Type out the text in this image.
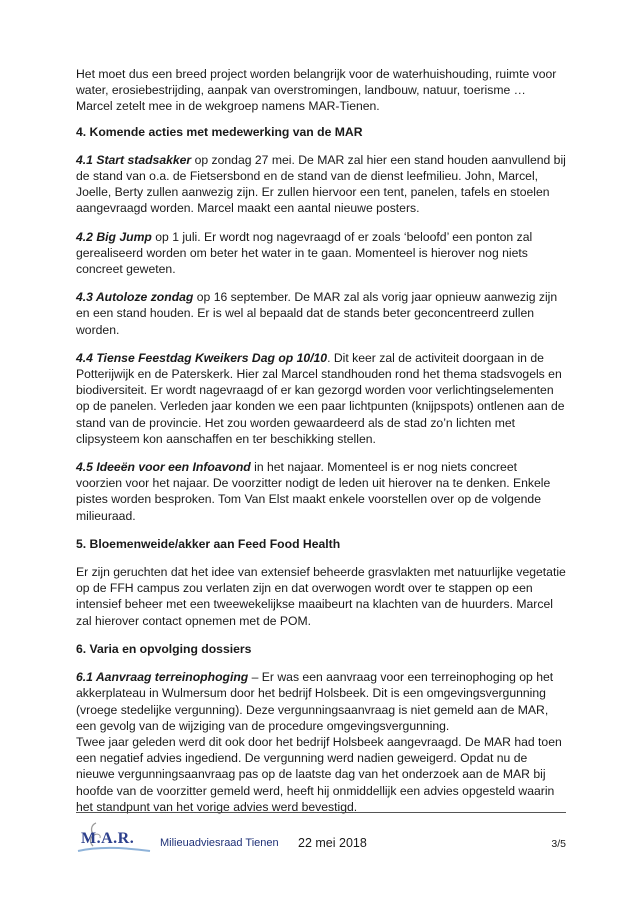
Het moet dus een breed project worden belangrijk voor de waterhuishouding, ruimte voor water, erosiebestrijding, aanpak van overstromingen, landbouw, natuur, toerisme …

Marcel zetelt mee in de wekgroep namens MAR-Tienen.

4. Komende acties met medewerking van de MAR

4.1 Start stadsakker op zondag 27 mei. De MAR zal hier een stand houden aanvullend bij de stand van o.a. de Fietsersbond en de stand van de dienst leefmilieu. John, Marcel, Joelle, Berty zullen aanwezig zijn. Er zullen hiervoor een tent, panelen, tafels en stoelen aangevraagd worden. Marcel maakt een aantal nieuwe posters.

4.2 Big Jump op 1 juli. Er wordt nog nagevraagd of er zoals ‘beloofd’ een ponton zal gerealiseerd worden om beter het water in te gaan. Momenteel is hierover nog niets concreet geweten.

4.3 Autoloze zondag op 16 september. De MAR zal als vorig jaar opnieuw aanwezig zijn en een stand houden. Er is wel al bepaald dat de stands beter geconcentreerd zullen worden.

4.4 Tiense Feestdag Kweikers Dag op 10/10. Dit keer zal de activiteit doorgaan in de Potterijwijk en de Paterskerk. Hier zal Marcel standhouden rond het thema stadsvogels en biodiversiteit. Er wordt nagevraagd of er kan gezorgd worden voor verlichtingselementen op de panelen. Verleden jaar konden we een paar lichtpunten (knijpspots) ontlenen aan de stand van de provincie. Het zou worden gewaardeerd als de stad zo’n lichten met clipsysteem kon aanschaffen en ter beschikking stellen.

4.5 Ideeën voor een Infoavond in het najaar. Momenteel is er nog niets concreet voorzien voor het najaar. De voorzitter nodigt de leden uit hierover na te denken. Enkele pistes worden besproken. Tom Van Elst maakt enkele voorstellen over op de volgende milieuraad.

5. Bloemenweide/akker aan Feed Food Health

Er zijn geruchten dat het idee van extensief beheerde grasvlakten met natuurlijke vegetatie op de FFH campus zou verlaten zijn en dat overwogen wordt over te stappen op een intensief beheer met een tweewekelijkse maaibeurt na klachten van de huurders. Marcel zal hierover contact opnemen met de POM.

6. Varia en opvolging dossiers

6.1 Aanvraag terreinophoging – Er was een aanvraag voor een terreinophoging op het akkerplateau in Wulmersum door het bedrijf Holsbeek. Dit is een omgevingsvergunning (vroege stedelijke vergunning). Deze vergunningsaanvraag is niet gemeld aan de MAR, een gevolg van de wijziging van de procedure omgevingsvergunning.

Twee jaar geleden werd dit ook door het bedrijf Holsbeek aangevraagd. De MAR had toen een negatief advies ingediend. De vergunning werd nadien geweigerd. Opdat nu de nieuwe vergunningsaanvraag pas op de laatste dag van het onderzoek aan de MAR bij hoofde van de voorzitter gemeld werd, heeft hij onmiddellijk een advies opgesteld waarin het standpunt van het vorige advies werd bevestigd.

M.A.R. Milieuadviesraad Tienen 22 mei 2018	3/5
